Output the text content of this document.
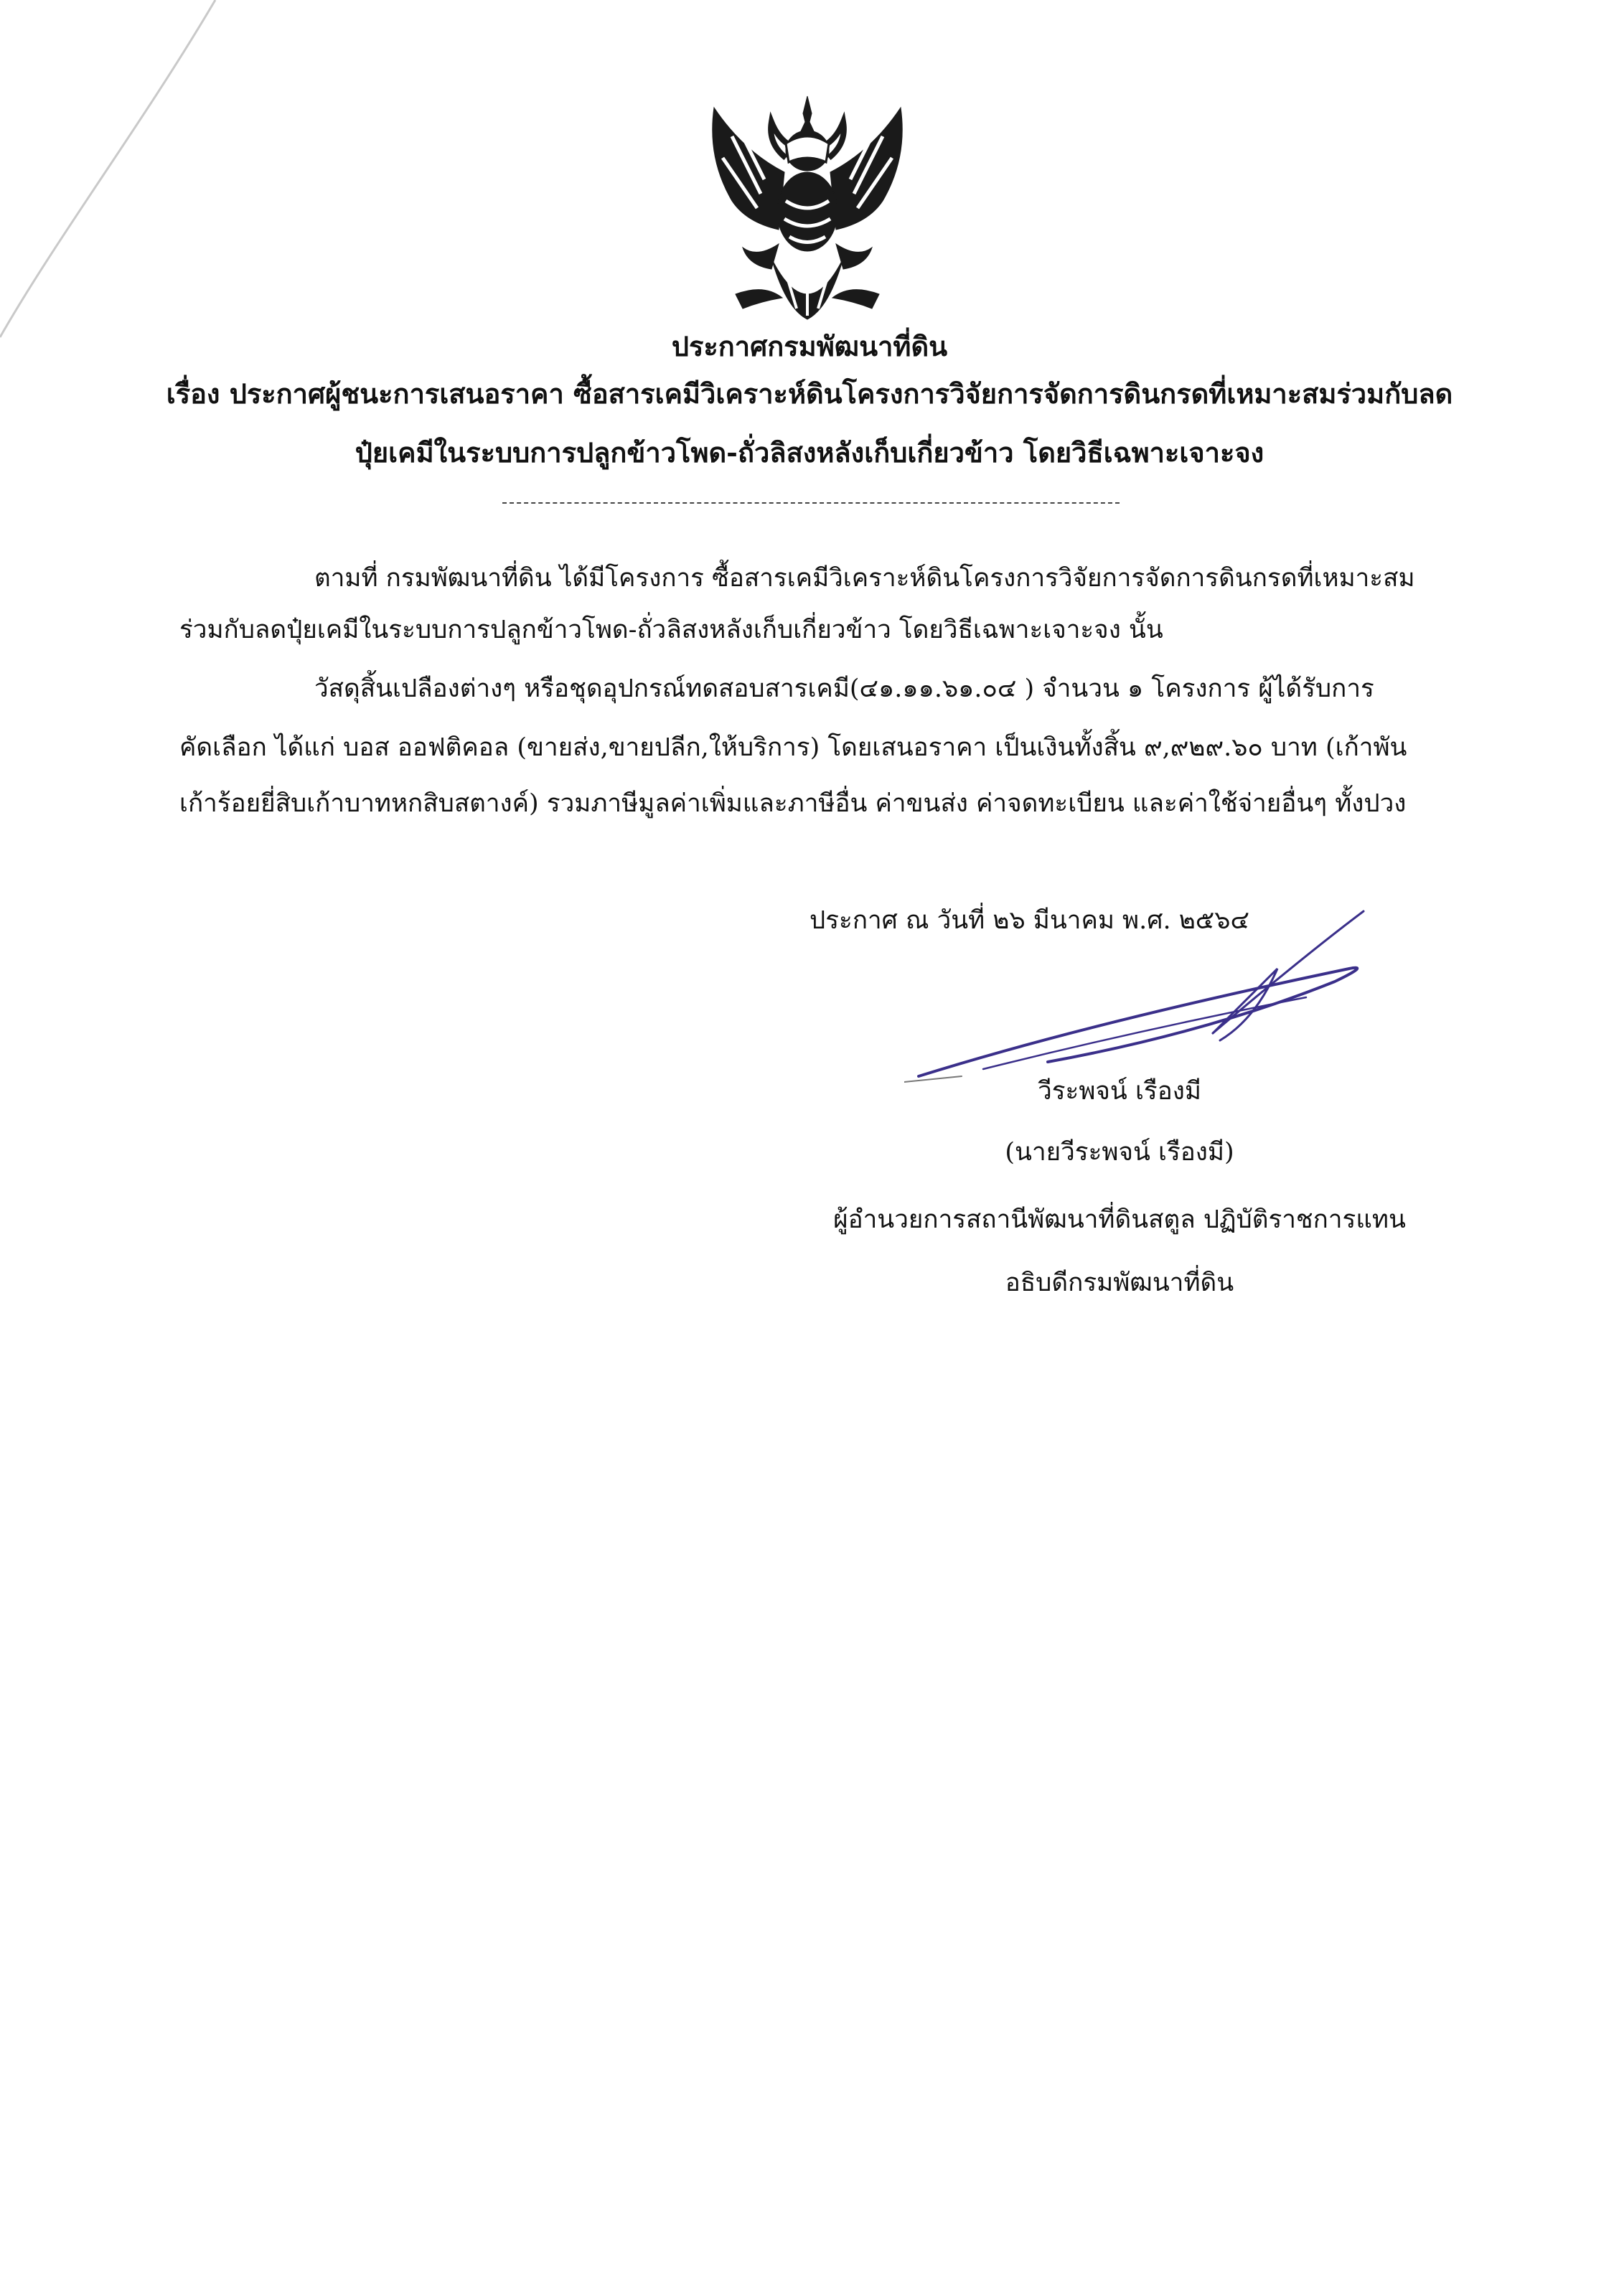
ประกาศกรมพัฒนาที่ดิน
เรื่อง ประกาศผู้ชนะการเสนอราคา ซื้อสารเคมีวิเคราะห์ดินโครงการวิจัยการจัดการดินกรดที่เหมาะสมร่วมกับลด
ปุ๋ยเคมีในระบบการปลูกข้าวโพด-ถั่วลิสงหลังเก็บเกี่ยวข้าว โดยวิธีเฉพาะเจาะจง
ตามที่ กรมพัฒนาที่ดิน ได้มีโครงการ ซื้อสารเคมีวิเคราะห์ดินโครงการวิจัยการจัดการดินกรดที่เหมาะสม
ร่วมกับลดปุ๋ยเคมีในระบบการปลูกข้าวโพด-ถั่วลิสงหลังเก็บเกี่ยวข้าว โดยวิธีเฉพาะเจาะจง นั้น
วัสดุสิ้นเปลืองต่างๆ หรือชุดอุปกรณ์ทดสอบสารเคมี(๔๑.๑๑.๖๑.๐๔ ) จำนวน ๑ โครงการ ผู้ได้รับการ
คัดเลือก ได้แก่ บอส ออฟติคอล (ขายส่ง,ขายปลีก,ให้บริการ) โดยเสนอราคา เป็นเงินทั้งสิ้น ๙,๙๒๙.๖๐ บาท (เก้าพัน
เก้าร้อยยี่สิบเก้าบาทหกสิบสตางค์) รวมภาษีมูลค่าเพิ่มและภาษีอื่น ค่าขนส่ง ค่าจดทะเบียน และค่าใช้จ่ายอื่นๆ ทั้งปวง
ประกาศ ณ วันที่ ๒๖ มีนาคม พ.ศ. ๒๕๖๔
วีระพจน์ เรืองมี
(นายวีระพจน์ เรืองมี)
ผู้อำนวยการสถานีพัฒนาที่ดินสตูล ปฏิบัติราชการแทน
อธิบดีกรมพัฒนาที่ดิน
